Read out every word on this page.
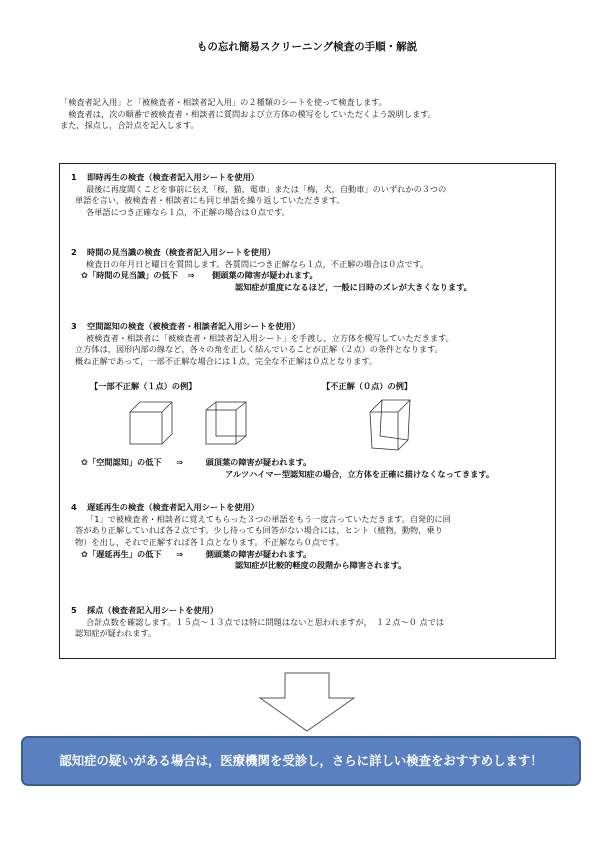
もの忘れ簡易スクリーニング検査の手順・解説

「検査者記入用」と「被検査者・相談者記入用」の２種類のシートを使って検査します。

　検査者は，次の順番で被検査者・相談者に質問および立方体の模写をしていただくよう説明します。

また，採点し，合計点を記入します。

1 即時再生の検査（検査者記入用シートを使用）

最後に再度聞くことを事前に伝え「桜，猫，電車」または「梅，犬，自動車」のいずれかの３つの

単語を言い，被検査者・相談者にも同じ単語を繰り返していただきます。

各単語につき正確なら１点，不正解の場合は０点です。

2 時間の見当識の検査（検査者記入用シートを使用）

検査日の年月日と曜日を質問します。各質問につき正解なら１点，不正解の場合は０点です。

✿「時間の見当識」の低下 ⇒ 側頭葉の障害が疑われます。

認知症が重度になるほど，一般に日時のズレが大きくなります。

3 空間認知の検査（被検査者・相談者記入用シートを使用）

被検査者・相談者に「被検査者・相談者記入用シート」を手渡し，立方体を模写していただきます。

立方体は，図形内部の線など，各々の角を正しく結んでいることが正解（２点）の条件となります。

概ね正解であって，一部不正解な場合には１点，完全な不正解は０点となります。

【一部不正解（１点）の例】	【不正解（０点）の例】

✿「空間認知」の低下 ⇒	頭頂葉の障害が疑われます。

アルツハイマー型認知症の場合，立方体を正確に描けなくなってきます。

4 遅延再生の検査（検査者記入用シートを使用）

「1」で被検査者・相談者に覚えてもらった３つの単語をもう一度言っていただきます。自発的に回

答があり正解していれば各２点です。少し待っても回答がない場合には，ヒント（植物，動物，乗り

物）を出し，それで正解すれば各１点となります。不正解なら０点です。

✿「遅延再生」の低下 ⇒	側頭葉の障害が疑われます。

認知症が比較的軽度の段階から障害されます。

5 採点（検査者記入用シートを使用）

合計点数を確認します。１５点～１３点では特に問題はないと思われますが，　１２点～０ 点では

認知症が疑われます。

認知症の疑いがある場合は，医療機関を受診し，さらに詳しい検査をおすすめします！
